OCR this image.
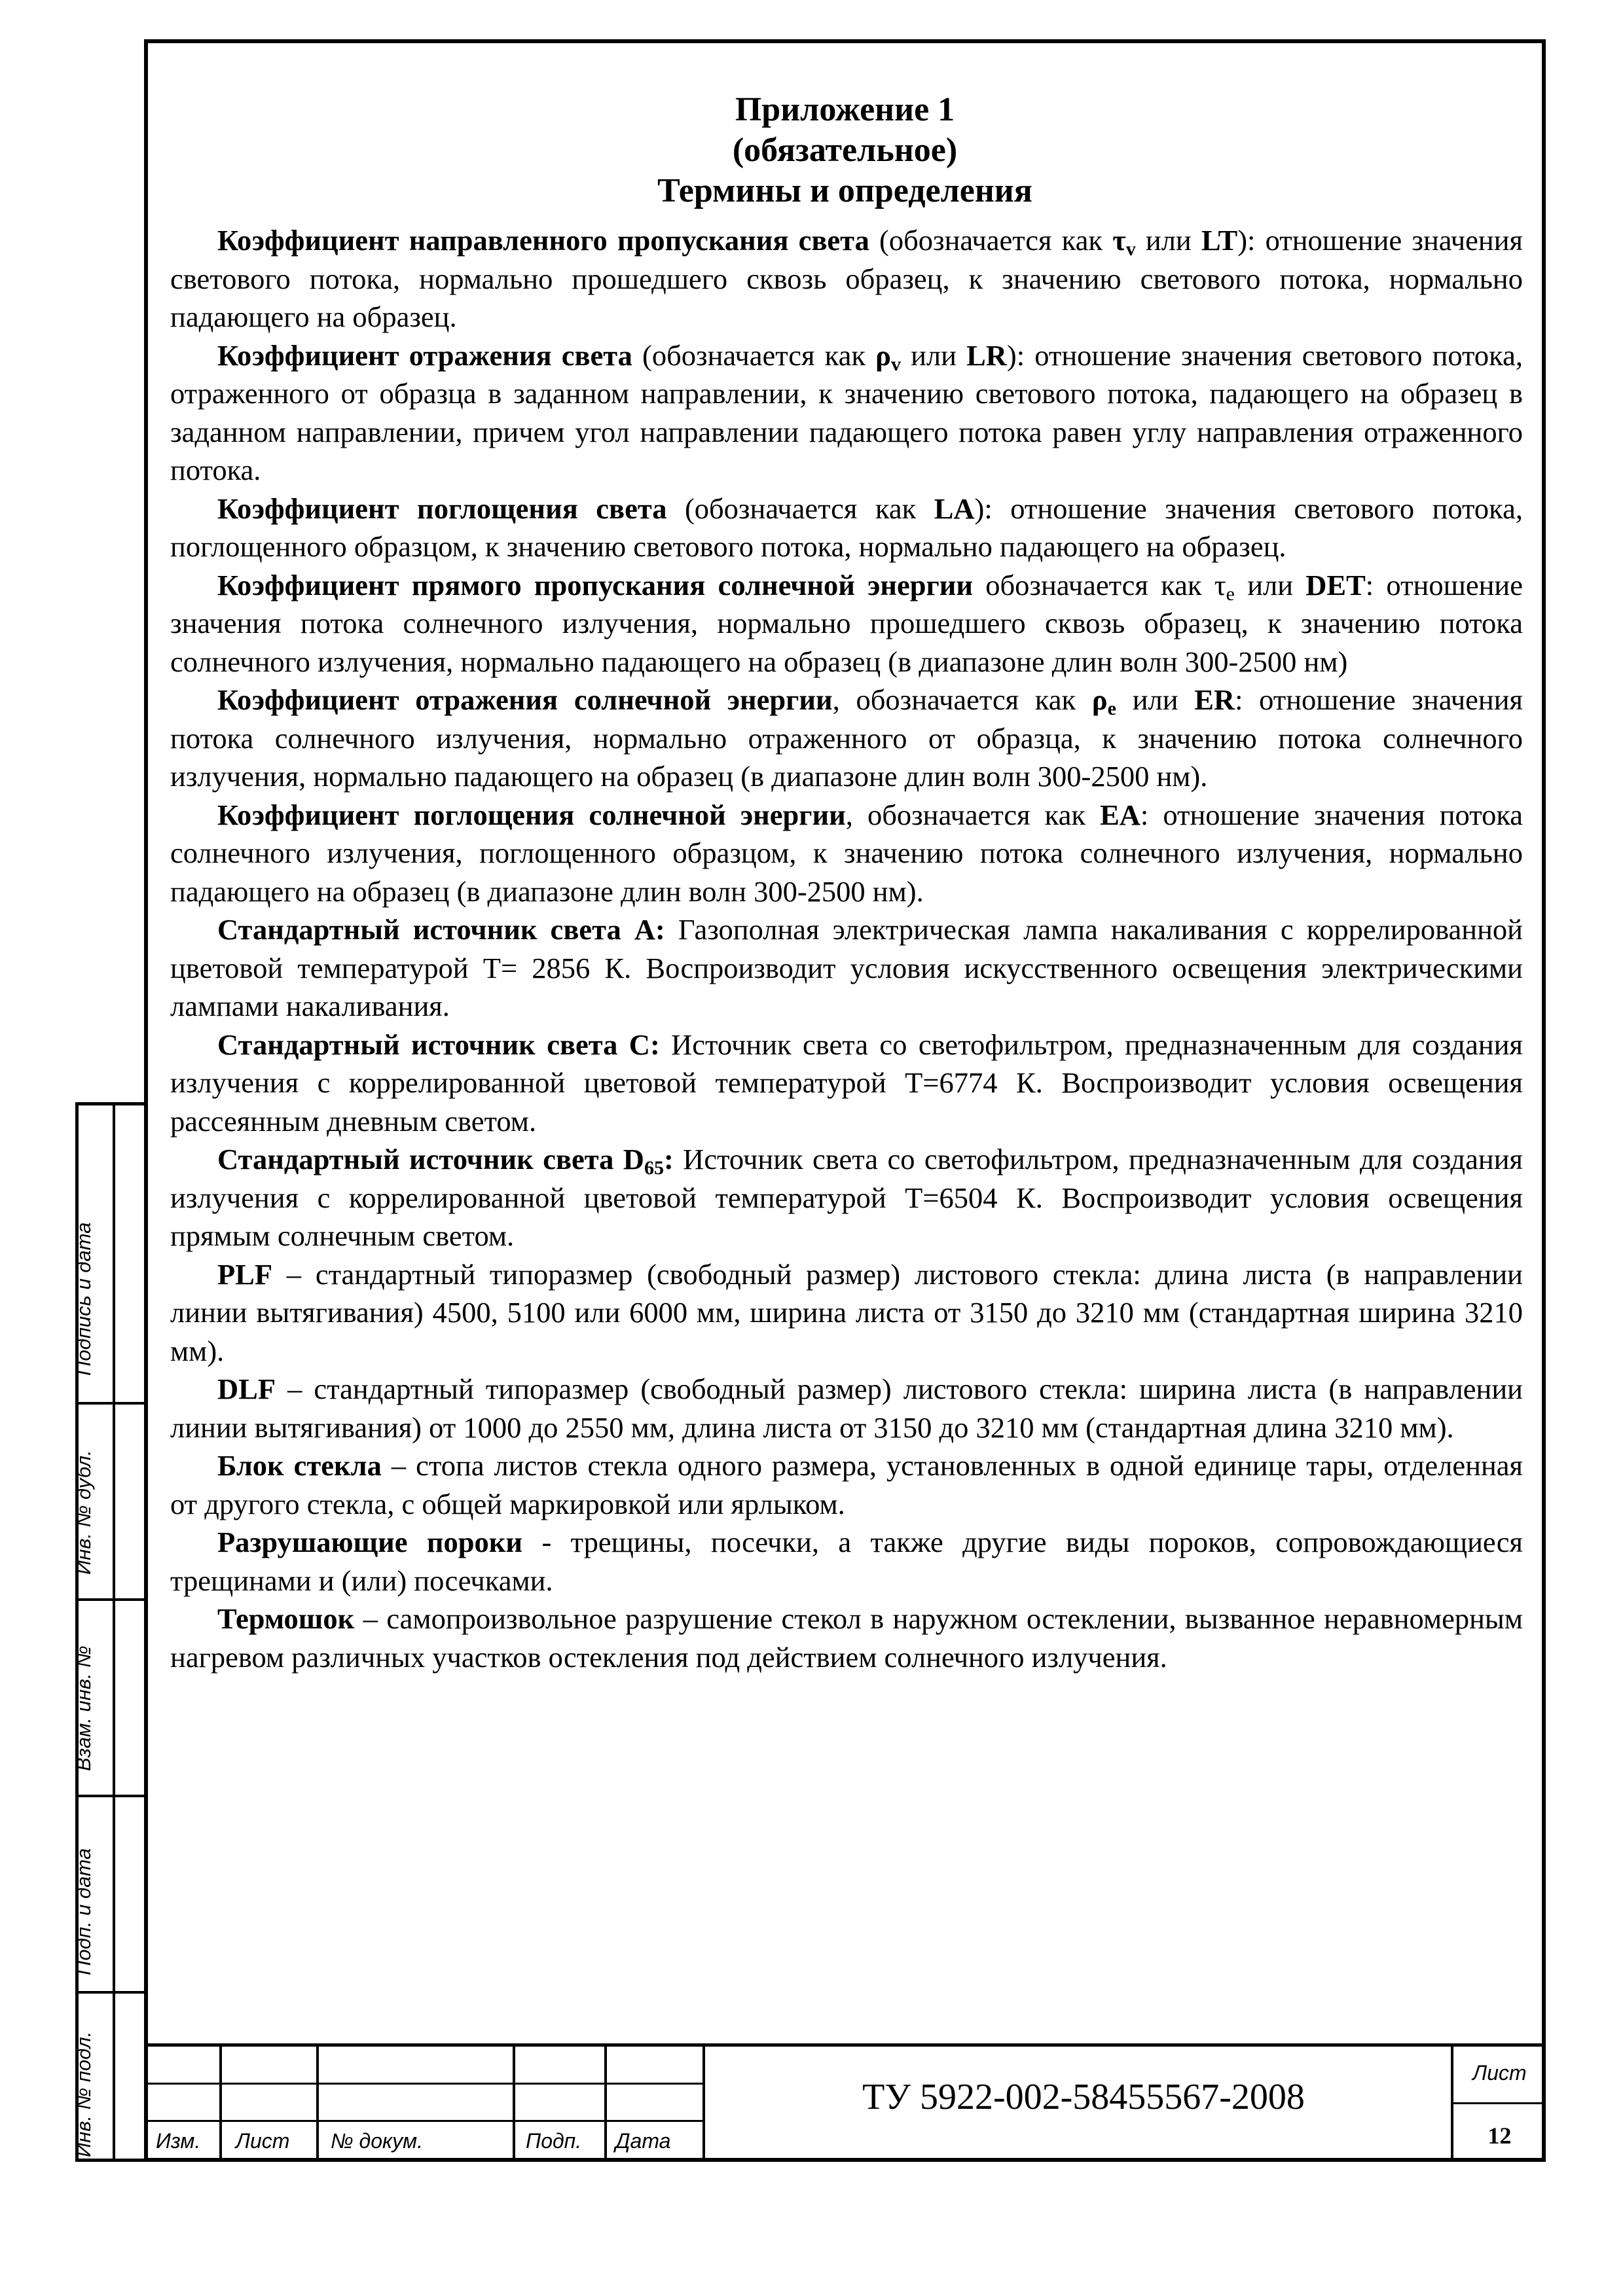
Подпись и дата
Инв. № дубл.
Взам. инв. №
Подп. и дата
Инв. № подл.
Приложение 1
(обязательное)
Термины и определения

Коэффициент направленного пропускания света (обозначается как $\tau_v$ или LT): отношение значения светового потока, нормально прошедшего сквозь образец, к значению светового потока, нормально падающего на образец.

Коэффициент отражения света (обозначается как $\rho_v$ или LR): отношение значения светового потока, отраженного от образца в заданном направлении, к значению светового потока, падающего на образец в заданном направлении, причем угол направлении падающего потока равен углу направления отраженного потока.

Коэффициент поглощения света (обозначается как LA): отношение значения светового потока, поглощенного образцом, к значению светового потока, нормально падающего на образец.

Коэффициент прямого пропускания солнечной энергии обозначается как $\tau_e$ или DET: отношение значения потока солнечного излучения, нормально прошедшего сквозь образец, к значению потока солнечного излучения, нормально падающего на образец (в диапазоне длин волн 300-2500 нм)

Коэффициент отражения солнечной энергии, обозначается как $\rho_e$ или ER: отношение значения потока солнечного излучения, нормально отраженного от образца, к значению потока солнечного излучения, нормально падающего на образец (в диапазоне длин волн 300-2500 нм).

Коэффициент поглощения солнечной энергии, обозначается как EA: отношение значения потока солнечного излучения, поглощенного образцом, к значению потока солнечного излучения, нормально падающего на образец (в диапазоне длин волн 300-2500 нм).

Стандартный источник света А: Газополная электрическая лампа накаливания с коррелированной цветовой температурой Т= 2856 К. Воспроизводит условия искусственного освещения электрическими лампами накаливания.

Стандартный источник света С: Источник света со светофильтром, предназначенным для создания излучения с коррелированной цветовой температурой Т=6774 К. Воспроизводит условия освещения рассеянным дневным светом.

Стандартный источник света $D_{65}$: Источник света со светофильтром, предназначенным для создания излучения с коррелированной цветовой температурой Т=6504 К. Воспроизводит условия освещения прямым солнечным светом.

PLF – стандартный типоразмер (свободный размер) листового стекла: длина листа (в направлении линии вытягивания) 4500, 5100 или 6000 мм, ширина листа от 3150 до 3210 мм (стандартная ширина 3210 мм).

DLF – стандартный типоразмер (свободный размер) листового стекла: ширина листа (в направлении линии вытягивания) от 1000 до 2550 мм, длина листа от 3150 до 3210 мм (стандартная длина 3210 мм).

Блок стекла – стопа листов стекла одного размера, установленных в одной единице тары, отделенная от другого стекла, с общей маркировкой или ярлыком.

Разрушающие пороки - трещины, посечки, а также другие виды пороков, сопровождающиеся трещинами и (или) посечками.

Термошок – самопроизвольное разрушение стекол в наружном остеклении, вызванное неравномерным нагревом различных участков остекления под действием солнечного излучения.

Изм. Лист № докум.	Подп. Дата
ТУ 5922-002-58455567-2008
Лист
12
